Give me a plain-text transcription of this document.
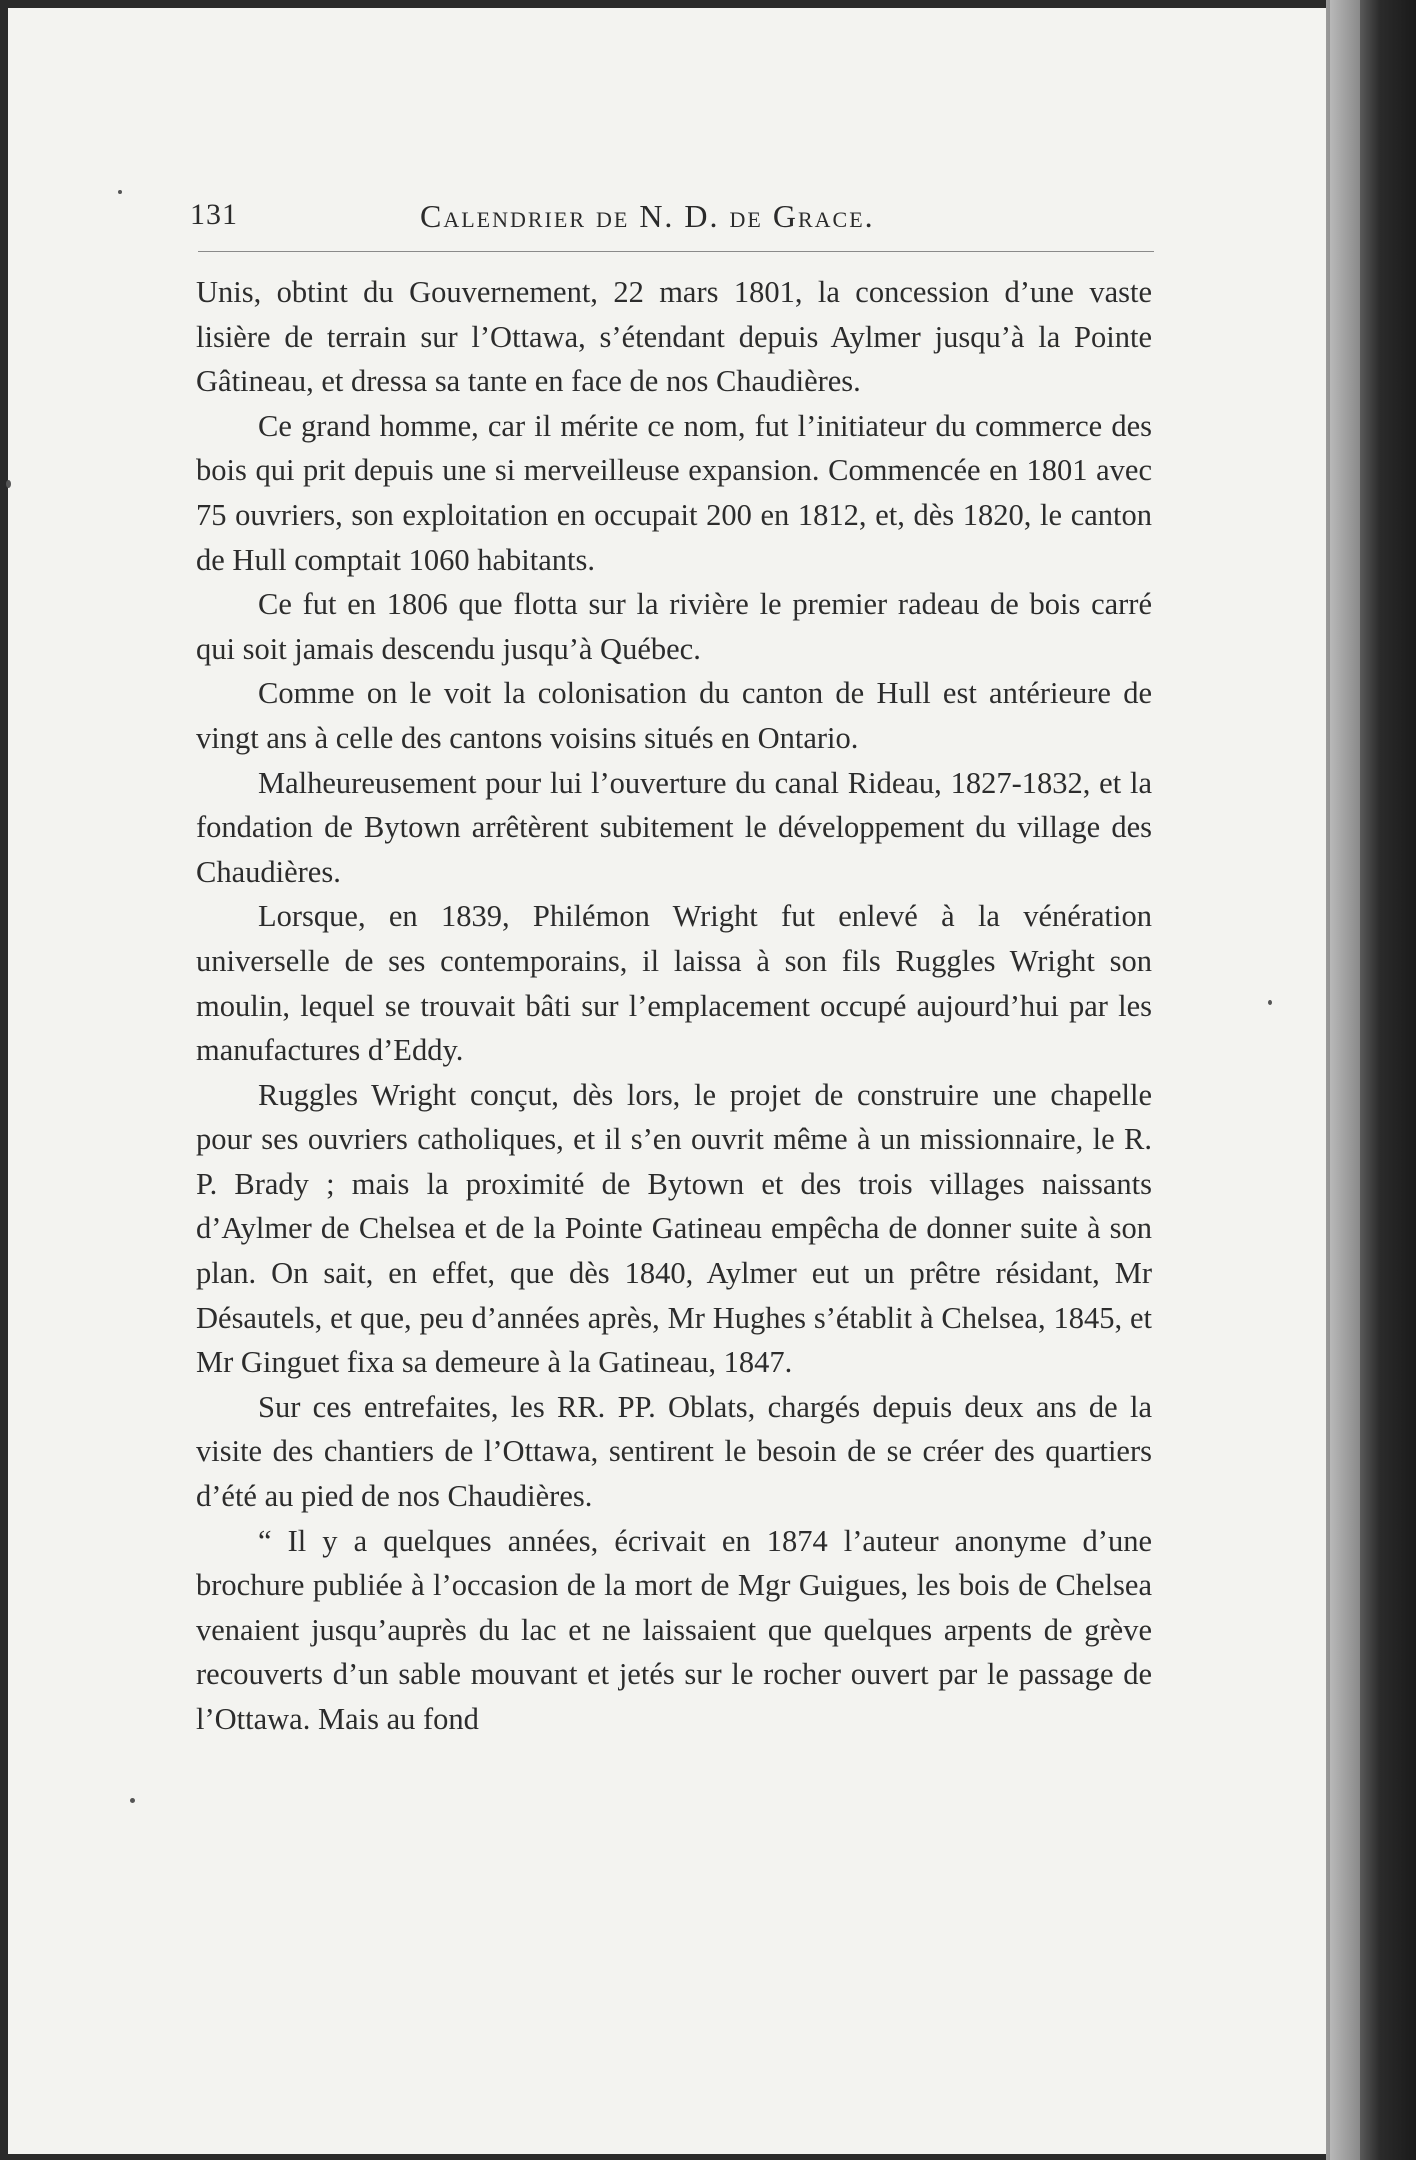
131	Calendrier de N. D. de Grace.

Unis, obtint du Gouvernement, 22 mars 1801, la concession d’une vaste lisière de terrain sur l’Ottawa, s’étendant depuis Aylmer jusqu’à la Pointe Gâtineau, et dressa sa tante en face de nos Chaudières.

Ce grand homme, car il mérite ce nom, fut l’initiateur du commerce des bois qui prit depuis une si merveilleuse expansion. Commencée en 1801 avec 75 ouvriers, son exploitation en occupait 200 en 1812, et, dès 1820, le canton de Hull comptait 1060 habitants.

Ce fut en 1806 que flotta sur la rivière le premier radeau de bois carré qui soit jamais descendu jusqu’à Québec.

Comme on le voit la colonisation du canton de Hull est antérieure de vingt ans à celle des cantons voisins situés en Ontario.

Malheureusement pour lui l’ouverture du canal Rideau, 1827-1832, et la fondation de Bytown arrêtèrent subitement le développement du village des Chaudières.

Lorsque, en 1839, Philémon Wright fut enlevé à la vénération universelle de ses contemporains, il laissa à son fils Ruggles Wright son moulin, lequel se trouvait bâti sur l’emplacement occupé aujourd’hui par les manufactures d’Eddy.

Ruggles Wright conçut, dès lors, le projet de construire une chapelle pour ses ouvriers catholiques, et il s’en ouvrit même à un missionnaire, le R. P. Brady ; mais la proximité de Bytown et des trois villages naissants d’Aylmer de Chelsea et de la Pointe Gatineau empêcha de donner suite à son plan. On sait, en effet, que dès 1840, Aylmer eut un prêtre résidant, Mr Désautels, et que, peu d’années après, Mr Hughes s’établit à Chelsea, 1845, et Mr Ginguet fixa sa demeure à la Gatineau, 1847.

Sur ces entrefaites, les RR. PP. Oblats, chargés depuis deux ans de la visite des chantiers de l’Ottawa, sentirent le besoin de se créer des quartiers d’été au pied de nos Chaudières.

“ Il y a quelques années, écrivait en 1874 l’auteur anonyme d’une brochure publiée à l’occasion de la mort de Mgr Guigues, les bois de Chelsea venaient jusqu’auprès du lac et ne laissaient que quelques arpents de grève recouverts d’un sable mouvant et jetés sur le rocher ouvert par le passage de l’Ottawa. Mais au fond
